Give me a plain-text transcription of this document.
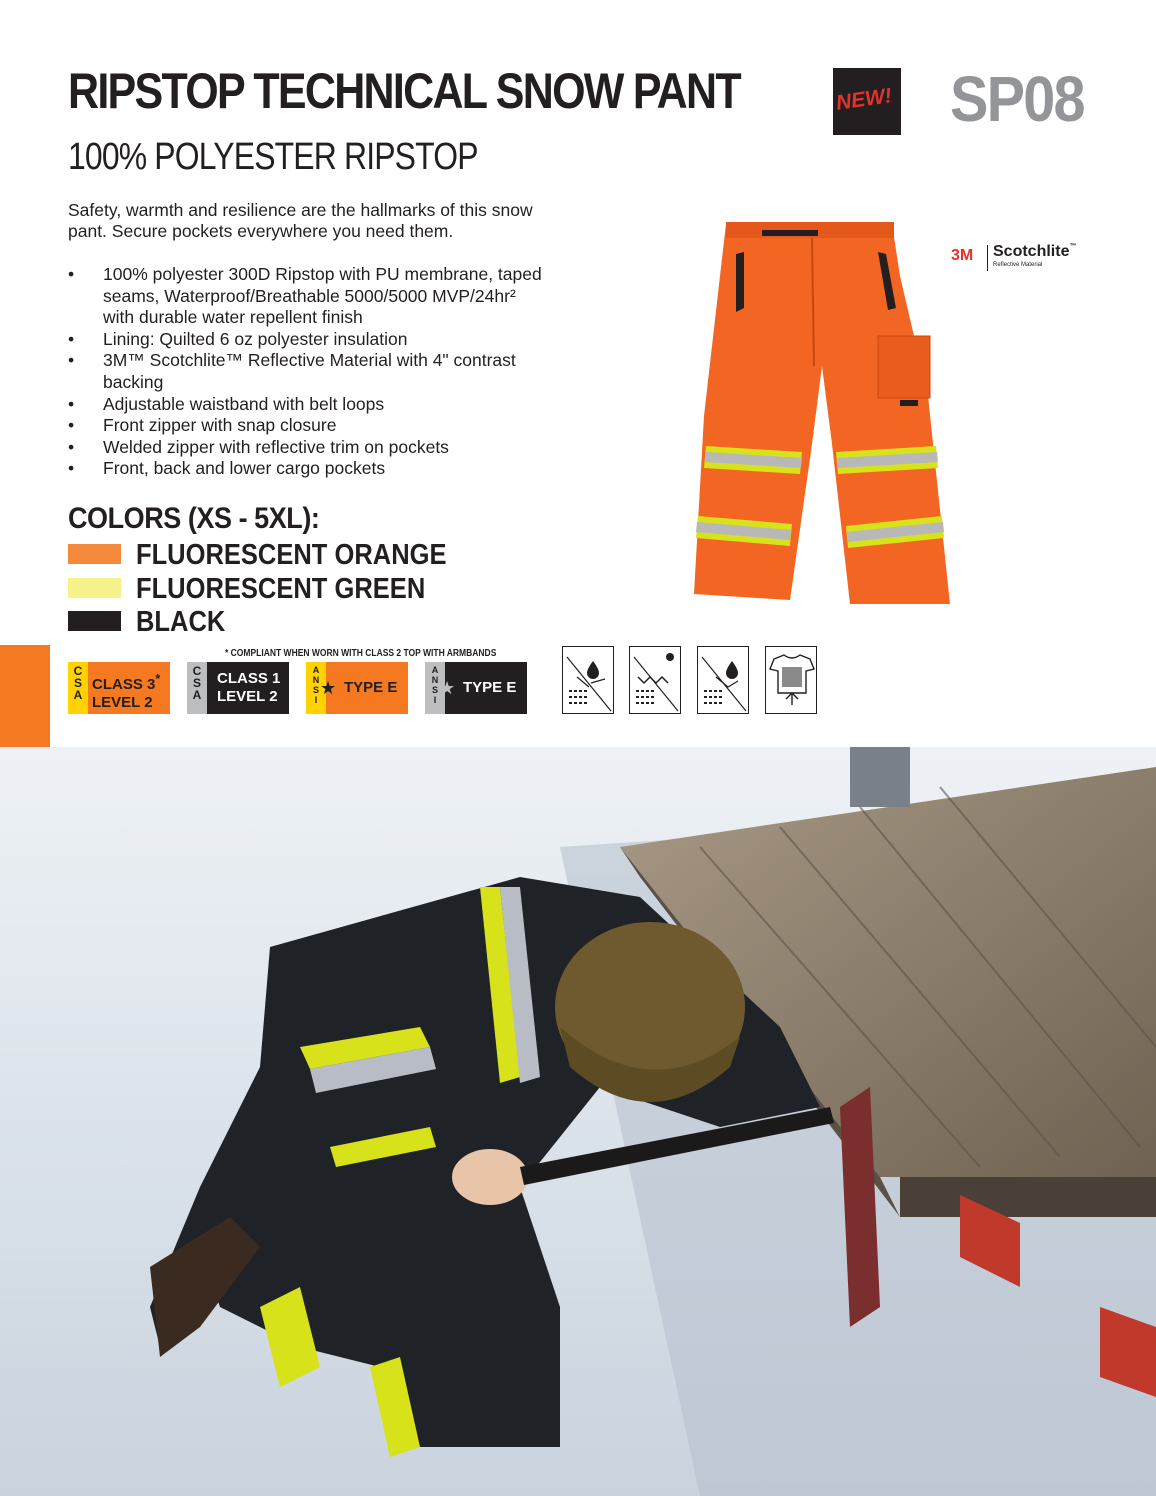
RIPSTOP TECHNICAL SNOW PANT
100% POLYESTER RIPSTOP
NEW! SP08

Safety, warmth and resilience are the hallmarks of this snow pant. Secure pockets everywhere you need them.

• 100% polyester 300D Ripstop with PU membrane, taped seams, Waterproof/Breathable 5000/5000 MVP/24hr² with durable water repellent finish
• Lining: Quilted 6 oz polyester insulation
• 3M™ Scotchlite™ Reflective Material with 4" contrast backing
• Adjustable waistband with belt loops
• Front zipper with snap closure
• Welded zipper with reflective trim on pockets
• Front, back and lower cargo pockets
COLORS (XS - 5XL):
FLUORESCENT ORANGE
FLUORESCENT GREEN
BLACK
* COMPLIANT WHEN WORN WITH CLASS 2 TOP WITH ARMBANDS
C
S
A
CLASS 3*
LEVEL 2
C
S
A
CLASS 1
LEVEL 2
A
N
S
I
★ TYPE E
A
N
S
I
★ TYPE E
3M Scotchlite™
Reflective Material
